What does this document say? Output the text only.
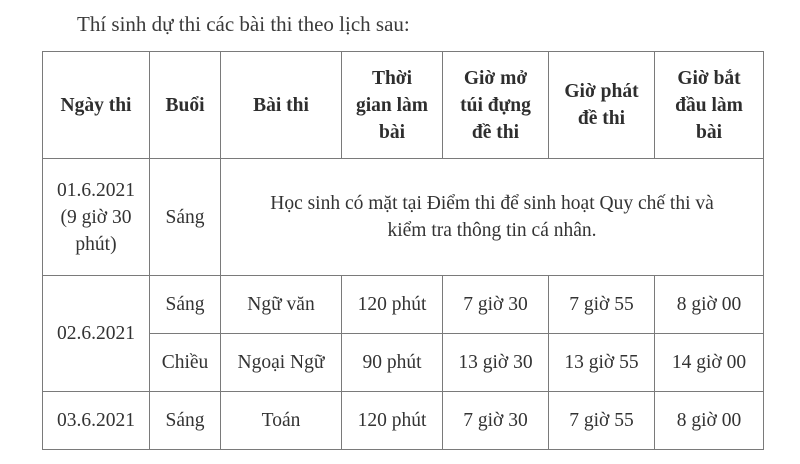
Thí sinh dự thi các bài thi theo lịch sau:
Ngày thi	Buổi	Bài thi	Thời
gian làm
bài	Giờ mở
túi đựng
đề thi	Giờ phát
đề thi	Giờ bắt
đầu làm
bài

01.6.2021
(9 giờ 30
phút)	Sáng	Học sinh có mặt tại Điểm thi để sinh hoạt Quy chế thi và
kiểm tra thông tin cá nhân.				

02.6.2021	Sáng	Ngữ văn	120 phút	7 giờ 30	7 giờ 55	8 giờ 00
	Chiều	Ngoại Ngữ	90 phút	13 giờ 30	13 giờ 55	14 giờ 00
03.6.2021	Sáng	Toán	120 phút	7 giờ 30	7 giờ 55	8 giờ 00
